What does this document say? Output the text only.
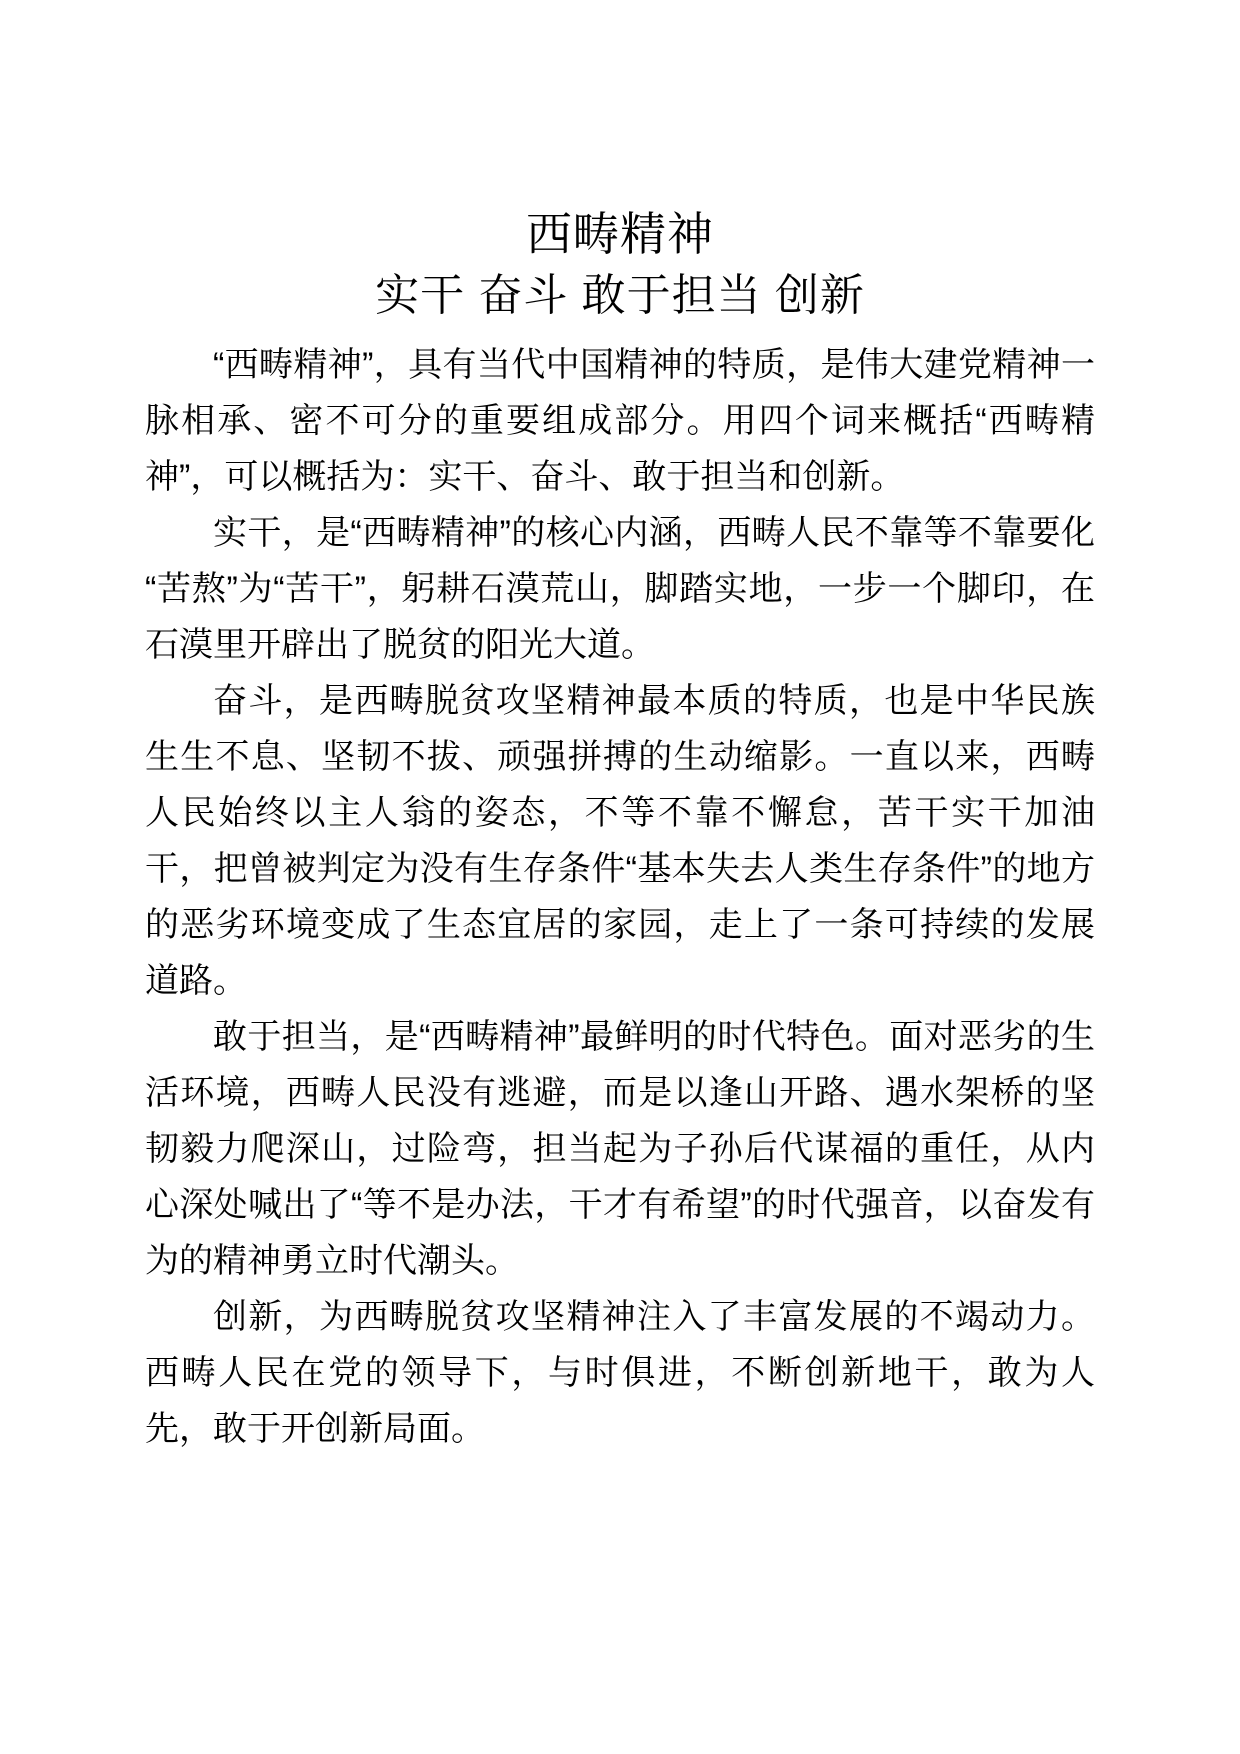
西畴精神
实干 奋斗 敢于担当 创新

“西畴精神”，具有当代中国精神的特质，是伟大建党精神一脉相承、密不可分的重要组成部分。用四个词来概括“西畴精神”，可以概括为：实干、奋斗、敢于担当和创新。

实干，是“西畴精神”的核心内涵，西畴人民不靠等不靠要化“苦熬”为“苦干”，躬耕石漠荒山，脚踏实地，一步一个脚印，在石漠里开辟出了脱贫的阳光大道。

奋斗，是西畴脱贫攻坚精神最本质的特质，也是中华民族生生不息、坚韧不拔、顽强拼搏的生动缩影。一直以来，西畴人民始终以主人翁的姿态，不等不靠不懈怠，苦干实干加油干，把曾被判定为没有生存条件“基本失去人类生存条件”的地方的恶劣环境变成了生态宜居的家园，走上了一条可持续的发展道路。

敢于担当，是“西畴精神”最鲜明的时代特色。面对恶劣的生活环境，西畴人民没有逃避，而是以逢山开路、遇水架桥的坚韧毅力爬深山，过险弯，担当起为子孙后代谋福的重任，从内心深处喊出了“等不是办法，干才有希望”的时代强音，以奋发有为的精神勇立时代潮头。

创新，为西畴脱贫攻坚精神注入了丰富发展的不竭动力。西畴人民在党的领导下，与时俱进，不断创新地干，敢为人先，敢于开创新局面。
